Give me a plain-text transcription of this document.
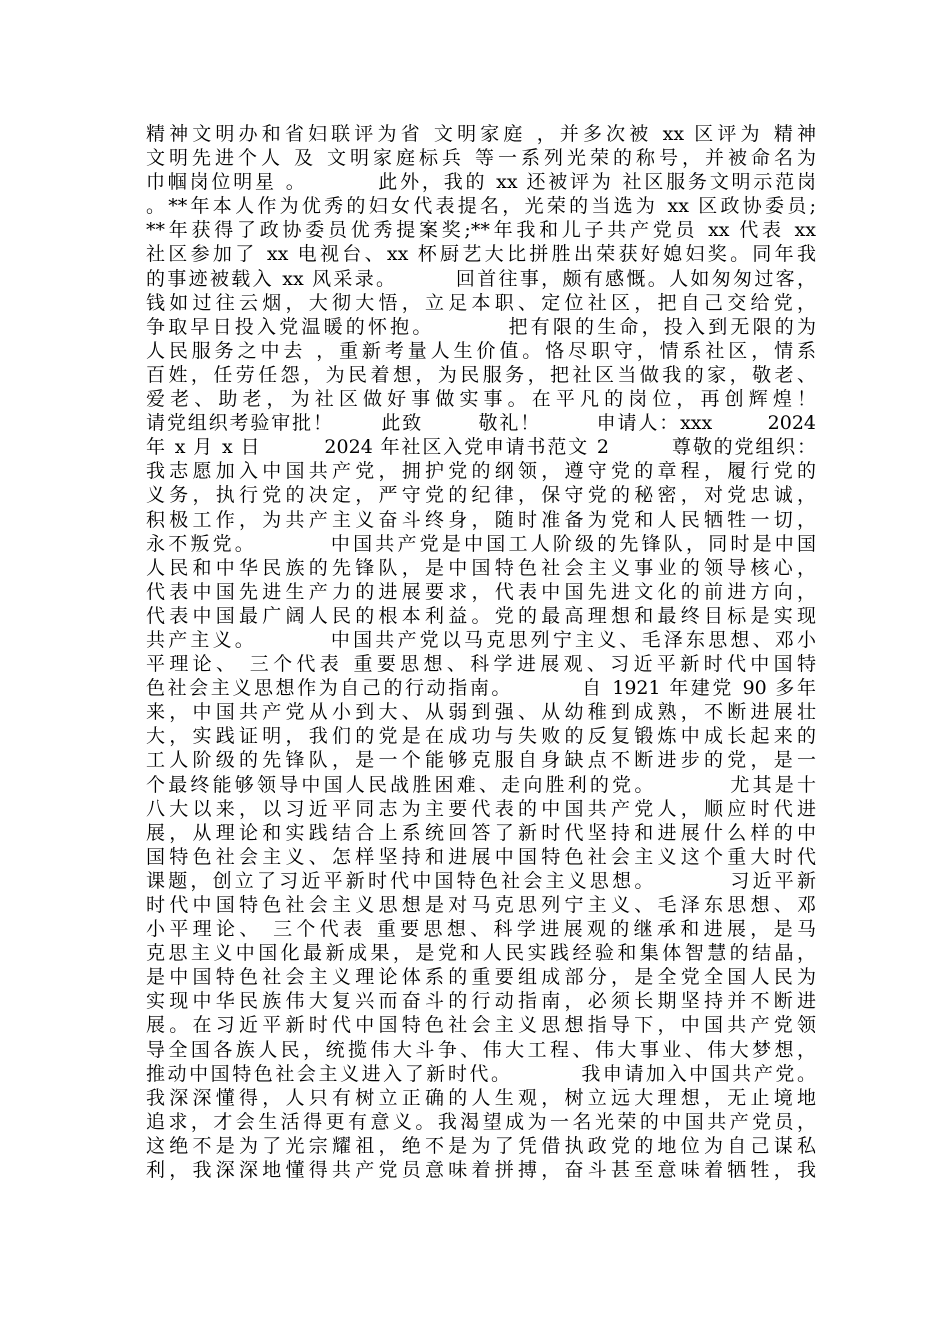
精神文明办和省妇联评为省 文明家庭 ，并多次被 xx 区评为 精神
文明先进个人 及 文明家庭标兵 等一系列光荣的称号，并被命名为
巾帼岗位明星 。        此外，我的 xx 还被评为 社区服务文明示范岗
。**年本人作为优秀的妇女代表提名，光荣的当选为 xx 区政协委员;
**年获得了政协委员优秀提案奖;**年我和儿子共产党员 xx 代表 xx
社区参加了 xx 电视台、xx 杯厨艺大比拼胜出荣获好媳妇奖。同年我
的事迹被载入 xx 风采录。       回首往事，颇有感慨。人如匆匆过客，
钱如过往云烟，大彻大悟，立足本职、定位社区，把自己交给党，
争取早日投入党温暖的怀抱。        把有限的生命，投入到无限的为
人民服务之中去 ，重新考量人生价值。恪尽职守，情系社区，情系
百姓，任劳任怨，为民着想，为民服务，把社区当做我的家，敬老、
爱老、助老，为社区做好事做实事。在平凡的岗位，再创辉煌！
请党组织考验审批！      此致       敬礼！       申请人：xxx       2024
年 x 月 x 日        2024 年社区入党申请书范文 2        尊敬的党组织：
我志愿加入中国共产党，拥护党的纲领，遵守党的章程，履行党的
义务，执行党的决定，严守党的纪律，保守党的秘密，对党忠诚，
积极工作，为共产主义奋斗终身，随时准备为党和人民牺牲一切，
永不叛党。        中国共产党是中国工人阶级的先锋队，同时是中国
人民和中华民族的先锋队，是中国特色社会主义事业的领导核心，
代表中国先进生产力的进展要求，代表中国先进文化的前进方向，
代表中国最广阔人民的根本利益。党的最高理想和最终目标是实现
共产主义。        中国共产党以马克思列宁主义、毛泽东思想、邓小
平理论、 三个代表 重要思想、科学进展观、习近平新时代中国特
色社会主义思想作为自己的行动指南。        自 1921 年建党 90 多年
来，中国共产党从小到大、从弱到强、从幼稚到成熟，不断进展壮
大，实践证明，我们的党是在成功与失败的反复锻炼中成长起来的
工人阶级的先锋队，是一个能够克服自身缺点不断进步的党，是一
个最终能够领导中国人民战胜困难、走向胜利的党。        尤其是十
八大以来，以习近平同志为主要代表的中国共产党人，顺应时代进
展，从理论和实践结合上系统回答了新时代坚持和进展什么样的中
国特色社会主义、怎样坚持和进展中国特色社会主义这个重大时代
课题，创立了习近平新时代中国特色社会主义思想。        习近平新
时代中国特色社会主义思想是对马克思列宁主义、毛泽东思想、邓
小平理论、 三个代表 重要思想、科学进展观的继承和进展，是马
克思主义中国化最新成果，是党和人民实践经验和集体智慧的结晶，
是中国特色社会主义理论体系的重要组成部分，是全党全国人民为
实现中华民族伟大复兴而奋斗的行动指南，必须长期坚持并不断进
展。在习近平新时代中国特色社会主义思想指导下，中国共产党领
导全国各族人民，统揽伟大斗争、伟大工程、伟大事业、伟大梦想，
推动中国特色社会主义进入了新时代。        我申请加入中国共产党。
我深深懂得，人只有树立正确的人生观，树立远大理想，无止境地
追求，才会生活得更有意义。我渴望成为一名光荣的中国共产党员，
这绝不是为了光宗耀祖，绝不是为了凭借执政党的地位为自己谋私
利，我深深地懂得共产党员意味着拼搏，奋斗甚至意味着牺牲，我
